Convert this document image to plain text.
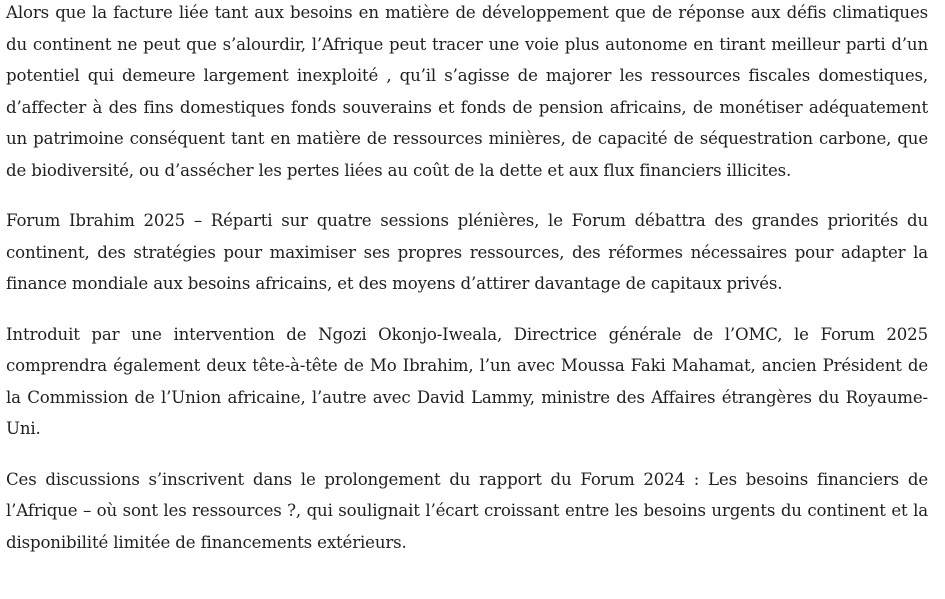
Alors que la facture liée tant aux besoins en matière de développement que de réponse aux défis climatiques du continent ne peut que s’alourdir, l’Afrique peut tracer une voie plus autonome en tirant meilleur parti d’un potentiel qui demeure largement inexploité , qu’il s’agisse de majorer les ressources fiscales domestiques, d’affecter à des fins domestiques fonds souverains et fonds de pension africains, de monétiser adéquatement un patrimoine conséquent tant en matière de ressources minières, de capacité de séquestration carbone, que de biodiversité, ou d’assécher les pertes liées au coût de la dette et aux flux financiers illicites.

Forum Ibrahim 2025 – Réparti sur quatre sessions plénières, le Forum débattra des grandes priorités du continent, des stratégies pour maximiser ses propres ressources, des réformes nécessaires pour adapter la finance mondiale aux besoins africains, et des moyens d’attirer davantage de capitaux privés.

Introduit par une intervention de Ngozi Okonjo-Iweala, Directrice générale de l’OMC, le Forum 2025 comprendra également deux tête-à-tête de Mo Ibrahim, l’un avec Moussa Faki Mahamat, ancien Président de la Commission de l’Union africaine, l’autre avec David Lammy, ministre des Affaires étrangères du Royaume-Uni.

Ces discussions s’inscrivent dans le prolongement du rapport du Forum 2024 : Les besoins financiers de l’Afrique – où sont les ressources ?, qui soulignait l’écart croissant entre les besoins urgents du continent et la disponibilité limitée de financements extérieurs.
